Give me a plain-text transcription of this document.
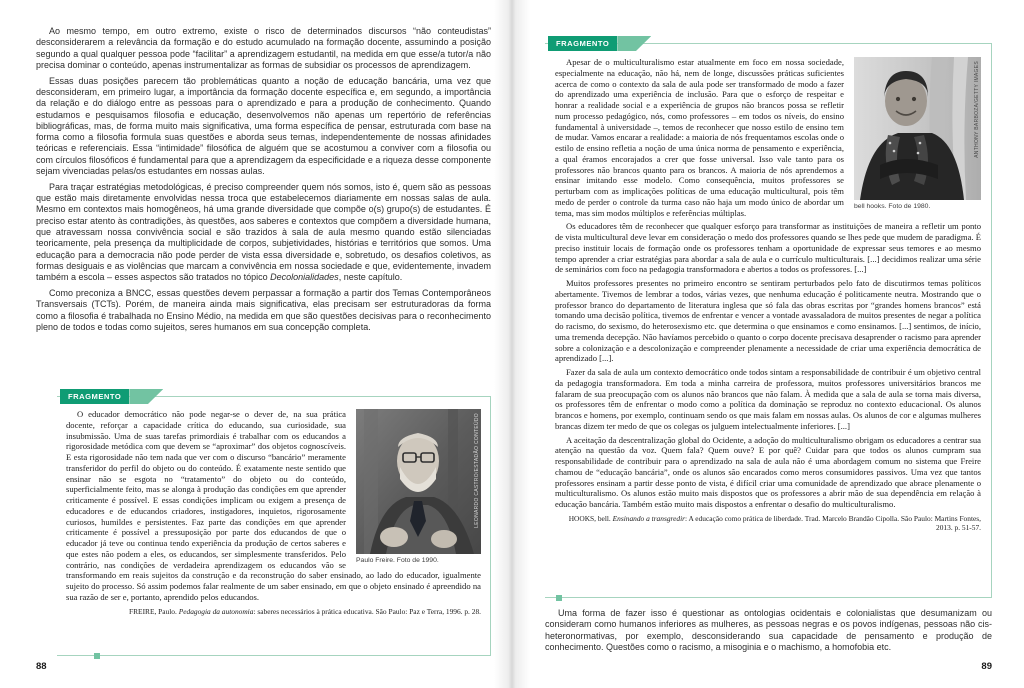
Ao mesmo tempo, em outro extremo, existe o risco de determinados discursos “não conteudistas” desconsiderarem a relevância da formação e do estudo acumulado na formação docente, assumindo a posição segundo a qual qualquer pessoa pode “facilitar” a aprendizagem estudantil, na medida em que esse/a tutor/a não precisa dominar o conteúdo, apenas instrumentalizar as formas de subsidiar os processos de aprendizagem.

Essas duas posições parecem tão problemáticas quanto a noção de educação bancária, uma vez que desconsideram, em primeiro lugar, a importância da formação docente específica e, em segundo, a importância da relação e do diálogo entre as pessoas para o aprendizado e para a produção de conhecimento. Quando estudamos e pesquisamos filosofia e educação, desenvolvemos não apenas um repertório de referências bibliográficas, mas, de forma muito mais significativa, uma forma específica de pensar, estruturada com base na forma como a filosofia formula suas questões e aborda seus temas, independentemente de nossas afinidades teóricas e referenciais. Essa “intimidade” filosófica de alguém que se acostumou a conviver com a filosofia ou com círculos filosóficos é fundamental para que a aprendizagem da especificidade e a riqueza desse componente sejam vivenciadas pelas/os estudantes em nossas aulas.

Para traçar estratégias metodológicas, é preciso compreender quem nós somos, isto é, quem são as pessoas que estão mais diretamente envolvidas nessa troca que estabelecemos diariamente em nossas salas de aula. Mesmo em contextos mais homogêneos, há uma grande diversidade que compõe o(s) grupo(s) de estudantes. É preciso estar atento às contradições, às questões, aos saberes e contextos que compõem a diversidade humana, que atravessam nossa convivência social e são trazidos à sala de aula mesmo quando estão silenciadas teoricamente, pela presença da multiplicidade de corpos, subjetividades, histórias e territórios que somos. Uma educação para a democracia não pode perder de vista essa diversidade e, sobretudo, os desafios coletivos, as formas desiguais e as violências que marcam a convivência em nossa sociedade e que, evidentemente, invadem também a escola – esses aspectos são tratados no tópico Decolonialidades, neste capítulo.

Como preconiza a BNCC, essas questões devem perpassar a formação a partir dos Temas Contemporâneos Transversais (TCTs). Porém, de maneira ainda mais significativa, elas precisam ser estruturadoras da forma como a filosofia é trabalhada no Ensino Médio, na medida em que são questões decisivas para o reconhecimento pleno de todos e todas como sujeitos, seres humanos em sua concepção completa.

FRAGMENTO
LEONARDO CASTRO/ESTADÃO CONTEÚDO
Paulo Freire. Foto de 1990.

O educador democrático não pode negar-se o dever de, na sua prática docente, reforçar a capacidade crítica do educando, sua curiosidade, sua insubmissão. Uma de suas tarefas primordiais é trabalhar com os educandos a rigorosidade metódica com que devem se “aproximar” dos objetos cognoscíveis. E esta rigorosidade não tem nada que ver com o discurso “bancário” meramente transferidor do perfil do objeto ou do conteúdo. É exatamente neste sentido que ensinar não se esgota no “tratamento” do objeto ou do conteúdo, superficialmente feito, mas se alonga à produção das condições em que aprender criticamente é possível. E essas condições implicam ou exigem a presença de educadores e de educandos criadores, instigadores, inquietos, rigorosamente curiosos, humildes e persistentes. Faz parte das condições em que aprender criticamente é possível a pressuposição por parte dos educandos de que o educador já teve ou continua tendo experiência da produção de certos saberes e que estes não podem a eles, os educandos, ser simplesmente transferidos. Pelo contrário, nas condições de verdadeira aprendizagem os educandos vão se transformando em reais sujeitos da construção e da reconstrução do saber ensinado, ao lado do educador, igualmente sujeito do processo. Só assim podemos falar realmente de um saber ensinado, em que o objeto ensinado é apreendido na sua razão de ser e, portanto, aprendido pelos educandos.

FREIRE, Paulo. Pedagogia da autonomia: saberes necessários à prática educativa. São Paulo: Paz e Terra, 1996. p. 28.

88
FRAGMENTO
ANTHONY BARBOZA/GETTY IMAGES
bell hooks. Foto de 1980.

Apesar de o multiculturalismo estar atualmente em foco em nossa sociedade, especialmente na educação, não há, nem de longe, discussões práticas suficientes acerca de como o contexto da sala de aula pode ser transformado de modo a fazer do aprendizado uma experiência de inclusão. Para que o esforço de respeitar e honrar a realidade social e a experiência de grupos não brancos possa se refletir num processo pedagógico, nós, como professores – em todos os níveis, do ensino fundamental à universidade –, temos de reconhecer que nosso estilo de ensino tem de mudar. Vamos encarar a realidade: a maioria de nós frequentamos escolas onde o estilo de ensino refletia a noção de uma única norma de pensamento e experiência, a qual éramos encorajados a crer que fosse universal. Isso vale tanto para os professores não brancos quanto para os brancos. A maioria de nós aprendemos a ensinar imitando esse modelo. Como consequência, muitos professores se perturbam com as implicações políticas de uma educação multicultural, pois têm medo de perder o controle da turma caso não haja um modo único de abordar um tema, mas sim modos múltiplos e referências múltiplas.

Os educadores têm de reconhecer que qualquer esforço para transformar as instituições de maneira a refletir um ponto de vista multicultural deve levar em consideração o medo dos professores quando se lhes pede que mudem de paradigma. É preciso instituir locais de formação onde os professores tenham a oportunidade de expressar seus temores e ao mesmo tempo aprender a criar estratégias para abordar a sala de aula e o currículo multiculturais. [...] decidimos realizar uma série de seminários com foco na pedagogia transformadora e abertos a todos os professores. [...]

Muitos professores presentes no primeiro encontro se sentiram perturbados pelo fato de discutirmos temas políticos abertamente. Tivemos de lembrar a todos, várias vezes, que nenhuma educação é politicamente neutra. Mostrando que o professor branco do departamento de literatura inglesa que só fala das obras escritas por “grandes homens brancos” está tomando uma decisão política, tivemos de enfrentar e vencer a vontade avassaladora de muitos presentes de negar a política do racismo, do sexismo, do heterosexismo etc. que determina o que ensinamos e como ensinamos. [...] sentimos, de início, uma tremenda decepção. Não havíamos percebido o quanto o corpo docente precisava desaprender o racismo para aprender sobre a colonização e a descolonização e compreender plenamente a necessidade de criar uma experiência democrática de aprendizado [...].

Fazer da sala de aula um contexto democrático onde todos sintam a responsabilidade de contribuir é um objetivo central da pedagogia transformadora. Em toda a minha carreira de professora, muitos professores universitários brancos me falaram de sua preocupação com os alunos não brancos que não falam. À medida que a sala de aula se torna mais diversa, os professores têm de enfrentar o modo como a política da dominação se reproduz no contexto educacional. Os alunos brancos e homens, por exemplo, continuam sendo os que mais falam em nossas aulas. Os alunos de cor e algumas mulheres brancas dizem ter medo de que os colegas os julguem intelectualmente inferiores. [...]

A aceitação da descentralização global do Ocidente, a adoção do multiculturalismo obrigam os educadores a centrar sua atenção na questão da voz. Quem fala? Quem ouve? E por quê? Cuidar para que todos os alunos cumpram sua responsabilidade de contribuir para o aprendizado na sala de aula não é uma abordagem comum no sistema que Freire chamou de “educação bancária”, onde os alunos são encarados como meros consumidores passivos. Uma vez que tantos professores ensinam a partir desse ponto de vista, é difícil criar uma comunidade de aprendizado que abrace plenamente o multiculturalismo. Os alunos estão muito mais dispostos que os professores a abrir mão de sua dependência em relação à educação bancária. Também estão muito mais dispostos a enfrentar o desafio do multiculturalismo.

HOOKS, bell. Ensinando a transgredir: A educação como prática de liberdade. Trad. Marcelo Brandão Cipolla. São Paulo: Martins Fontes, 2013. p. 51-57.

Uma forma de fazer isso é questionar as ontologias ocidentais e colonialistas que desumanizam ou consideram como humanos inferiores as mulheres, as pessoas negras e os povos indígenas, pessoas não cis-heteronormativas, por exemplo, desconsiderando sua capacidade de pensamento e produção de conhecimento. Questões como o racismo, a misoginia e o machismo, a homofobia etc.

89
